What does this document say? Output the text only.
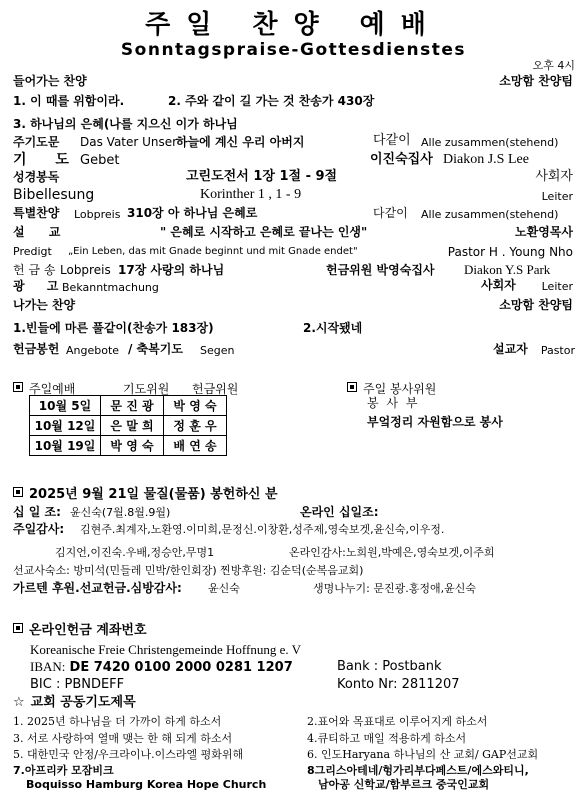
주일 찬양 예배
Sonntagspraise-Gottesdienstes
오후 4시
들어가는 찬양	소망함 찬양팀
1. 이 때를 위함이라.	2. 주와 같이 길 가는 것 찬송가 430장
3. 하나님의 은혜(나를 지으신 이가 하나님
주기도문 Das Vater Unser
하늘에 계신 우리 아버지	다같이 Alle zusammen(stehend)
기 도 Gebet	이진숙집사 Diakon J.S Lee
성경봉독	고린도전서 1장 1절 - 9절	사회자
Bibellesung	Korinther 1 , 1 - 9	Leiter
특별찬양 Lobpreis 310장 아 하나님 은혜로	다같이 Alle zusammen(stehend)
설 교	" 은혜로 시작하고 은혜로 끝나는 인생"	노환영목사
Predigt „Ein Leben, das mit Gnade beginnt und mit Gnade endet"	Pastor H . Young Nho
헌 금 송 Lobpreis 17장 사랑의 하나님	헌금위원 박영숙집사 Diakon Y.S Park
광 고
Bekanntmachung	사회자 Leiter
나가는 찬양	소망함 찬양팀
1.빈들에 마른 풀같이(찬송가 183장)	2.시작됐네
헌금봉헌 Angebote / 축복기도 Segen	설교자 Pastor
주일예배	기도위원 헌금위원
10월 5일	문 진 광	박 영 숙
10월 12일	은 말 희	정 훈 우
10월 19일	박 영 숙	배 연 송
주일 봉사위원
봉 사 부
부엌정리 자원함으로 봉사
2025년 9월 21일 물질(물품) 봉헌하신 분
십 일 조: 윤신숙(7월.8월.9월)	온라인 십일조:
주일감사: 김현주.최계자,노환영.이미희,문정신.이창환,성주제,영숙보겟,윤신숙,이우정.
김지언,이진숙.우배,정승안,무명1	온라인감사:노희원,박예은,영숙보겟,이주희
선교사숙소: 방미석(민들레 민박/한인회장) 찐방후원: 김순덕(순복음교회)
가르텐 후원.선교헌금.심방감사: 윤신숙	생명나누기: 문진광.홍정애,윤신숙
온라인헌금 계좌번호
Koreanische Freie Christengemeinde Hoffnung e. V
IBAN: DE 7420 0100 2000 0281 1207	Bank : Postbank
BIC : PBNDEFF	Konto Nr: 2811207
☆ 교회 공동기도제목
1. 2025년 하나님을 더 가까이 하게 하소서	2.표어와 목표대로 이루어지게 하소서
3. 서로 사랑하여 열매 맺는 한 해 되게 하소서	4.큐티하고 매일 적용하게 하소서
5. 대한민국 안정/우크라이나.이스라엘 평화위해	6. 인도Haryana 하나님의 산 교회/ GAP선교회
7.아프리카 모잠비크	8그리스아테네/헝가리부다페스트/에스와티니,
Boquisso Hamburg Korea Hope Church	남아공 신학교/함부르크 중국인교회
